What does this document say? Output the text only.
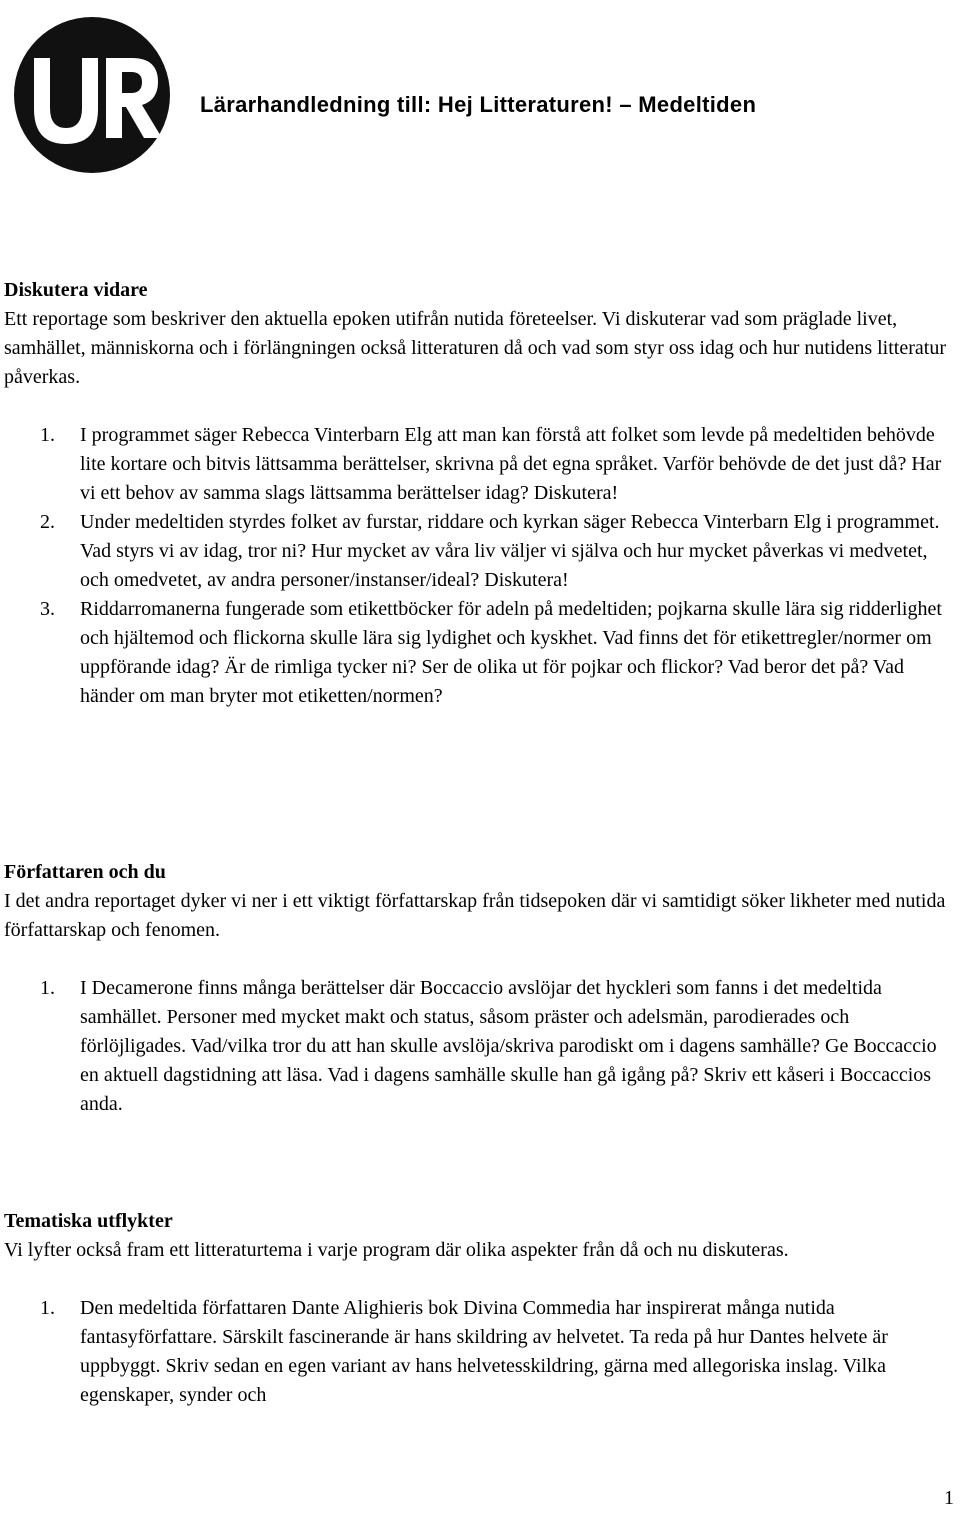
Lärarhandledning till: Hej Litteraturen! – Medeltiden

Diskutera vidare

Ett reportage som beskriver den aktuella epoken utifrån nutida företeelser. Vi diskuterar vad som präglade livet, samhället, människorna och i förlängningen också litteraturen då och vad som styr oss idag och hur nutidens litteratur påverkas.

1. I programmet säger Rebecca Vinterbarn Elg att man kan förstå att folket som levde på medeltiden behövde lite kortare och bitvis lättsamma berättelser, skrivna på det egna språket. Varför behövde de det just då? Har vi ett behov av samma slags lättsamma berättelser idag? Diskutera!
2. Under medeltiden styrdes folket av furstar, riddare och kyrkan säger Rebecca Vinterbarn Elg i programmet. Vad styrs vi av idag, tror ni? Hur mycket av våra liv väljer vi själva och hur mycket påverkas vi medvetet, och omedvetet, av andra personer/instanser/ideal? Diskutera!
3. Riddarromanerna fungerade som etikettböcker för adeln på medeltiden; pojkarna skulle lära sig ridderlighet och hjältemod och flickorna skulle lära sig lydighet och kyskhet. Vad finns det för etikettregler/normer om uppförande idag? Är de rimliga tycker ni? Ser de olika ut för pojkar och flickor? Vad beror det på? Vad händer om man bryter mot etiketten/normen?

Författaren och du

I det andra reportaget dyker vi ner i ett viktigt författarskap från tidsepoken där vi samtidigt söker likheter med nutida författarskap och fenomen.

1. I Decamerone finns många berättelser där Boccaccio avslöjar det hyckleri som fanns i det medeltida samhället. Personer med mycket makt och status, såsom präster och adelsmän, parodierades och förlöjligades. Vad/vilka tror du att han skulle avslöja/skriva parodiskt om i dagens samhälle? Ge Boccaccio en aktuell dagstidning att läsa. Vad i dagens samhälle skulle han gå igång på? Skriv ett kåseri i Boccaccios anda.

Tematiska utflykter

Vi lyfter också fram ett litteraturtema i varje program där olika aspekter från då och nu diskuteras.

1. Den medeltida författaren Dante Alighieris bok Divina Commedia har inspirerat många nutida fantasyförfattare. Särskilt fascinerande är hans skildring av helvetet. Ta reda på hur Dantes helvete är uppbyggt. Skriv sedan en egen variant av hans helvetesskildring, gärna med allegoriska inslag. Vilka egenskaper, synder och
1
